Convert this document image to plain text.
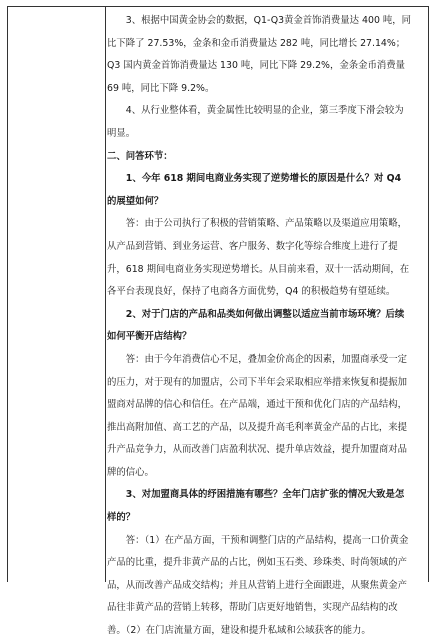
3、根据中国黄金协会的数据，Q1-Q3黄金首饰消费量达 400 吨，同比下降了 27.53%，金条和金币消费量达 282 吨，同比增长 27.14%；Q3 国内黄金首饰消费量达 130 吨，同比下降 29.2%，金条金币消费量 69 吨，同比下降 9.2%。

4、从行业整体看，黄金属性比较明显的企业，第三季度下滑会较为明显。

二、问答环节：

1、今年 618 期间电商业务实现了逆势增长的原因是什么？对 Q4 的展望如何？

答：由于公司执行了积极的营销策略、产品策略以及渠道应用策略，从产品到营销、到业务运营、客户服务、数字化等综合维度上进行了提升，618 期间电商业务实现逆势增长。从目前来看，双十一活动期间，在各平台表现良好，保持了电商各方面优势，Q4 的积极趋势有望延续。

2、对于门店的产品和品类如何做出调整以适应当前市场环境？后续如何平衡开店结构？

答：由于今年消费信心不足，叠加金价高企的因素，加盟商承受一定的压力，对于现有的加盟店，公司下半年会采取相应举措来恢复和提振加盟商对品牌的信心和信任。在产品端，通过干预和优化门店的产品结构，推出高附加值、高工艺的产品，以及提升高毛利率黄金产品的占比，来提升产品竞争力，从而改善门店盈利状况、提升单店效益，提升加盟商对品牌的信心。

3、对加盟商具体的纾困措施有哪些？全年门店扩张的情况大致是怎样的？

答：（1）在产品方面，干预和调整门店的产品结构，提高一口价黄金产品的比重，提升非黄产品的占比，例如玉石类、珍珠类、时尚领域的产品，从而改善产品成交结构；并且从营销上进行全面跟进，从聚焦黄金产品往非黄产品的营销上转移，帮助门店更好地销售，实现产品结构的改善。（2）在门店流量方面，建设和提升私域和公域获客的能力。
